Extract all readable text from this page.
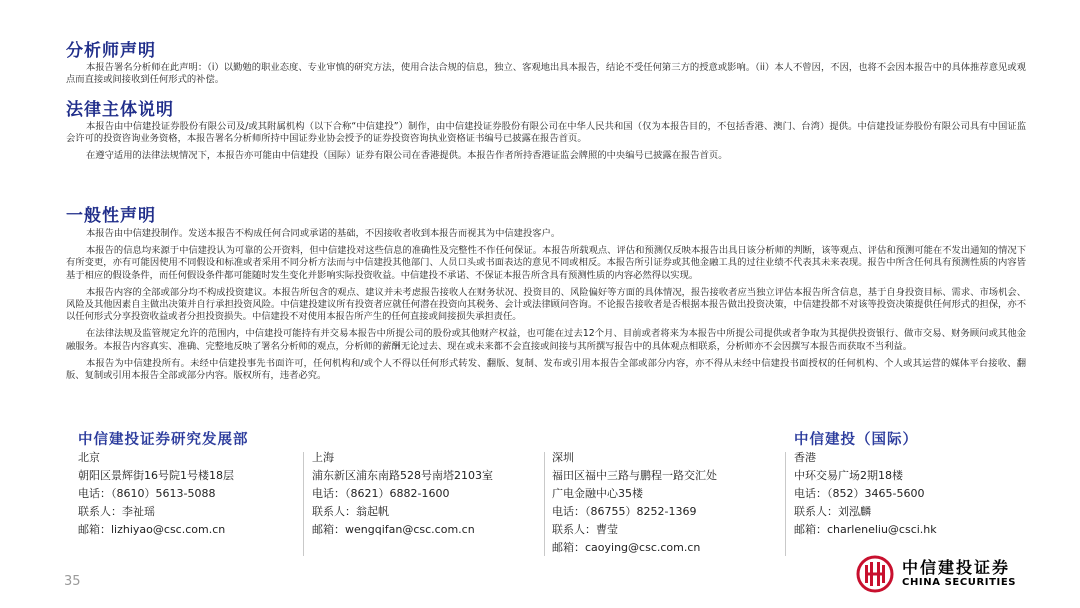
分析师声明

本报告署名分析师在此声明：（i）以勤勉的职业态度、专业审慎的研究方法，使用合法合规的信息，独立、客观地出具本报告，结论不受任何第三方的授意或影响。（ii）本人不曾因，不因，也将不会因本报告中的具体推荐意见或观点而直接或间接收到任何形式的补偿。

法律主体说明

本报告由中信建投证券股份有限公司及/或其附属机构（以下合称“中信建投”）制作，由中信建投证券股份有限公司在中华人民共和国（仅为本报告目的，不包括香港、澳门、台湾）提供。中信建投证券股份有限公司具有中国证监会许可的投资咨询业务资格，本报告署名分析师所持中国证券业协会授予的证券投资咨询执业资格证书编号已披露在报告首页。

在遵守适用的法律法规情况下，本报告亦可能由中信建投（国际）证券有限公司在香港提供。本报告作者所持香港证监会牌照的中央编号已披露在报告首页。

一般性声明

本报告由中信建投制作。发送本报告不构成任何合同或承诺的基础，不因接收者收到本报告而视其为中信建投客户。

本报告的信息均来源于中信建投认为可靠的公开资料，但中信建投对这些信息的准确性及完整性不作任何保证。本报告所载观点、评估和预测仅反映本报告出具日该分析师的判断，该等观点、评估和预测可能在不发出通知的情况下有所变更，亦有可能因使用不同假设和标准或者采用不同分析方法而与中信建投其他部门、人员口头或书面表达的意见不同或相反。本报告所引证券或其他金融工具的过往业绩不代表其未来表现。报告中所含任何具有预测性质的内容皆基于相应的假设条件，而任何假设条件都可能随时发生变化并影响实际投资收益。中信建投不承诺、不保证本报告所含具有预测性质的内容必然得以实现。

本报告内容的全部或部分均不构成投资建议。本报告所包含的观点、建议并未考虑报告接收人在财务状况、投资目的、风险偏好等方面的具体情况，报告接收者应当独立评估本报告所含信息，基于自身投资目标、需求、市场机会、风险及其他因素自主做出决策并自行承担投资风险。中信建投建议所有投资者应就任何潜在投资向其税务、会计或法律顾问咨询。不论报告接收者是否根据本报告做出投资决策，中信建投都不对该等投资决策提供任何形式的担保，亦不以任何形式分享投资收益或者分担投资损失。中信建投不对使用本报告所产生的任何直接或间接损失承担责任。

在法律法规及监管规定允许的范围内，中信建投可能持有并交易本报告中所提公司的股份或其他财产权益，也可能在过去12个月、目前或者将来为本报告中所提公司提供或者争取为其提供投资银行、做市交易、财务顾问或其他金融服务。本报告内容真实、准确、完整地反映了署名分析师的观点，分析师的薪酬无论过去、现在或未来都不会直接或间接与其所撰写报告中的具体观点相联系，分析师亦不会因撰写本报告而获取不当利益。

本报告为中信建投所有。未经中信建投事先书面许可，任何机构和/或个人不得以任何形式转发、翻版、复制、发布或引用本报告全部或部分内容，亦不得从未经中信建投书面授权的任何机构、个人或其运营的媒体平台接收、翻版、复制或引用本报告全部或部分内容。版权所有，违者必究。

中信建投证券研究发展部	中信建投（国际）
北京
朝阳区景辉街16号院1号楼18层
电话：（8610）5613-5088
联系人：李祉瑶
邮箱：lizhiyao@csc.com.cn
上海
浦东新区浦东南路528号南塔2103室
电话：（8621）6882-1600
联系人：翁起帆
邮箱：wengqifan@csc.com.cn
深圳
福田区福中三路与鹏程一路交汇处
广电金融中心35楼
电话：（86755）8252-1369
联系人：曹莹
邮箱：caoying@csc.com.cn
香港
中环交易广场2期18楼
电话：（852）3465-5600
联系人：刘泓麟
邮箱：charleneliu@csci.hk
35
中信建投证券
CHINA SECURITIES
